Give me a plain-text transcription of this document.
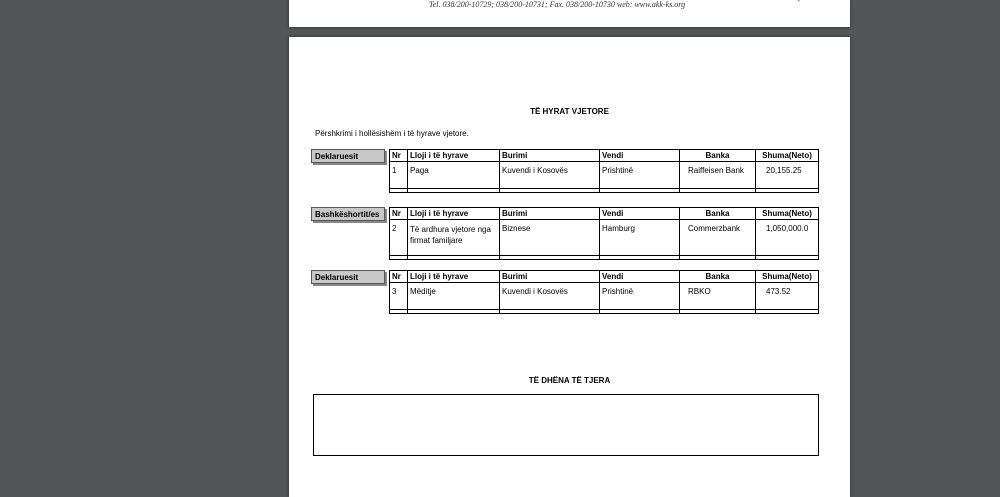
Tel. 038/200-10729; 038/200-10731; Fax. 038/200-10730 web: www.akk-ks.org	-
TË HYRAT VJETORE
Përshkrimi i hollësishëm i të hyrave vjetore.
Deklaruesit	Nr	Lloji i të hyrave	Burimi	Vendi	Banka	Shuma(Neto)
1	Paga	Kuvendi i Kosovës	Prishtinë	Raiffeisen Bank	20,155.25

Bashkëshortit/es	Nr	Lloji i të hyrave	Burimi	Vendi	Banka	Shuma(Neto)
2	Të ardhura vjetore nga firmat familjare	Biznese	Hamburg	Commerzbank	1,050,000.0

Deklaruesit	Nr	Lloji i të hyrave	Burimi	Vendi	Banka	Shuma(Neto)
3	Mëditje	Kuvendi i Kosovës	Prishtinë	RBKO	473.52

TË DHËNA TË TJERA
